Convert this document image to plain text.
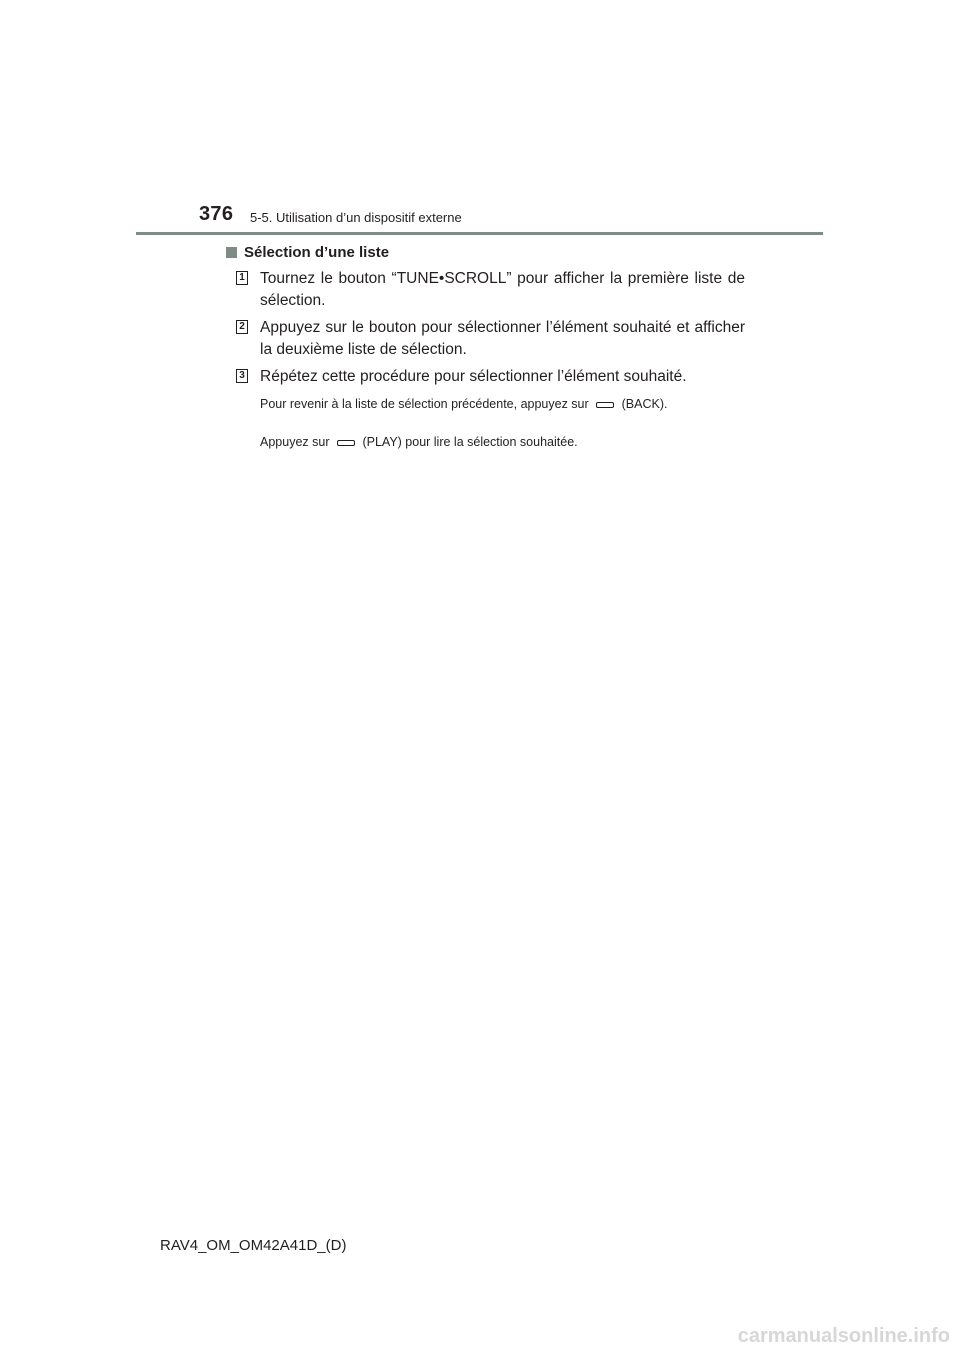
376 5-5. Utilisation d’un dispositif externe
Sélection d’une liste
1 Tournez le bouton “TUNE•SCROLL” pour afficher la première liste de sélection.
2 Appuyez sur le bouton pour sélectionner l’élément souhaité et afficher la deuxième liste de sélection.
3 Répétez cette procédure pour sélectionner l’élément souhaité.
Pour revenir à la liste de sélection précédente, appuyez sur	(BACK).
Appuyez sur	(PLAY) pour lire la sélection souhaitée.
RAV4_OM_OM42A41D_(D)
carmanualsonline.info
